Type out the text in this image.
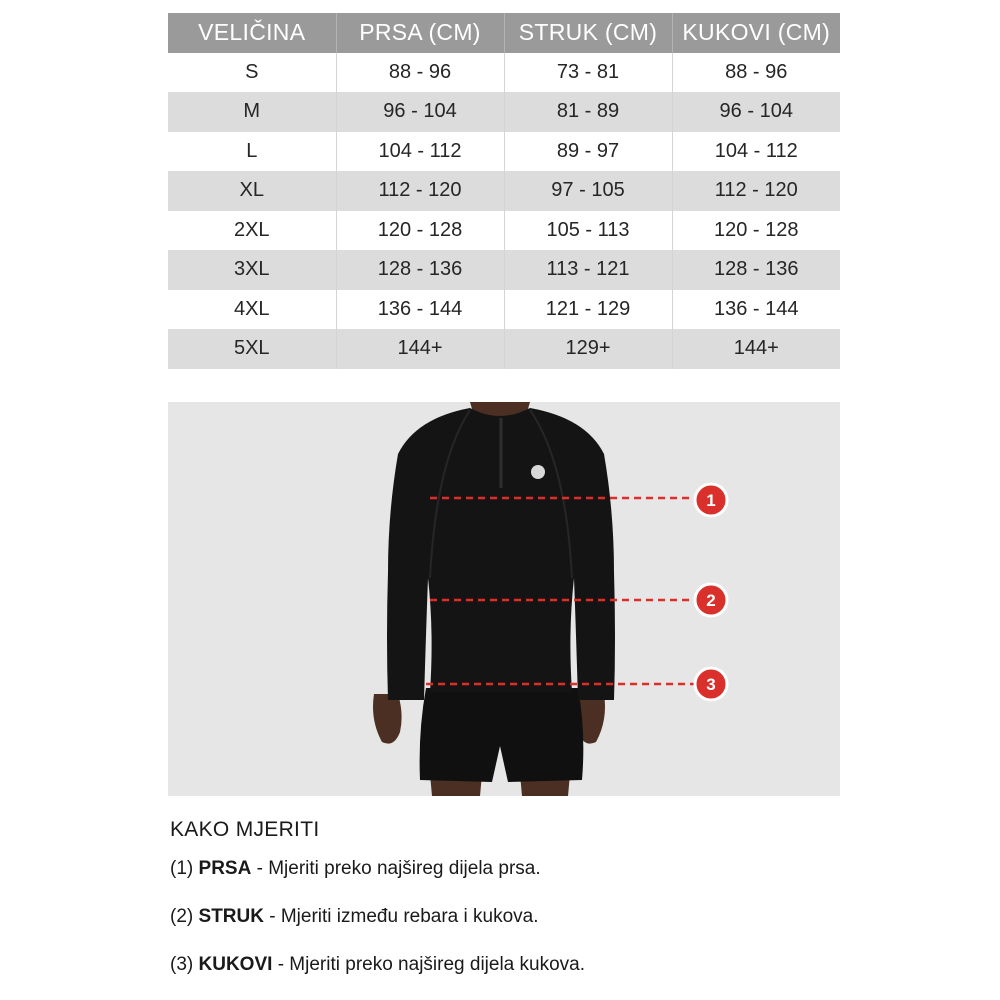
VELIČINA	PRSA (CM)	STRUK (CM)	KUKOVI (CM)
S	88 - 96	73 - 81	88 - 96
M	96 - 104	81 - 89	96 - 104
L	104 - 112	89 - 97	104 - 112
XL	112 - 120	97 - 105	112 - 120
2XL	120 - 128	105 - 113	120 - 128
3XL	128 - 136	113 - 121	128 - 136
4XL	136 - 144	121 - 129	136 - 144
5XL	144+	129+	144+
1
2
3
KAKO MJERITI

(1) PRSA - Mjeriti preko najšireg dijela prsa.

(2) STRUK - Mjeriti između rebara i kukova.

(3) KUKOVI - Mjeriti preko najšireg dijela kukova.
